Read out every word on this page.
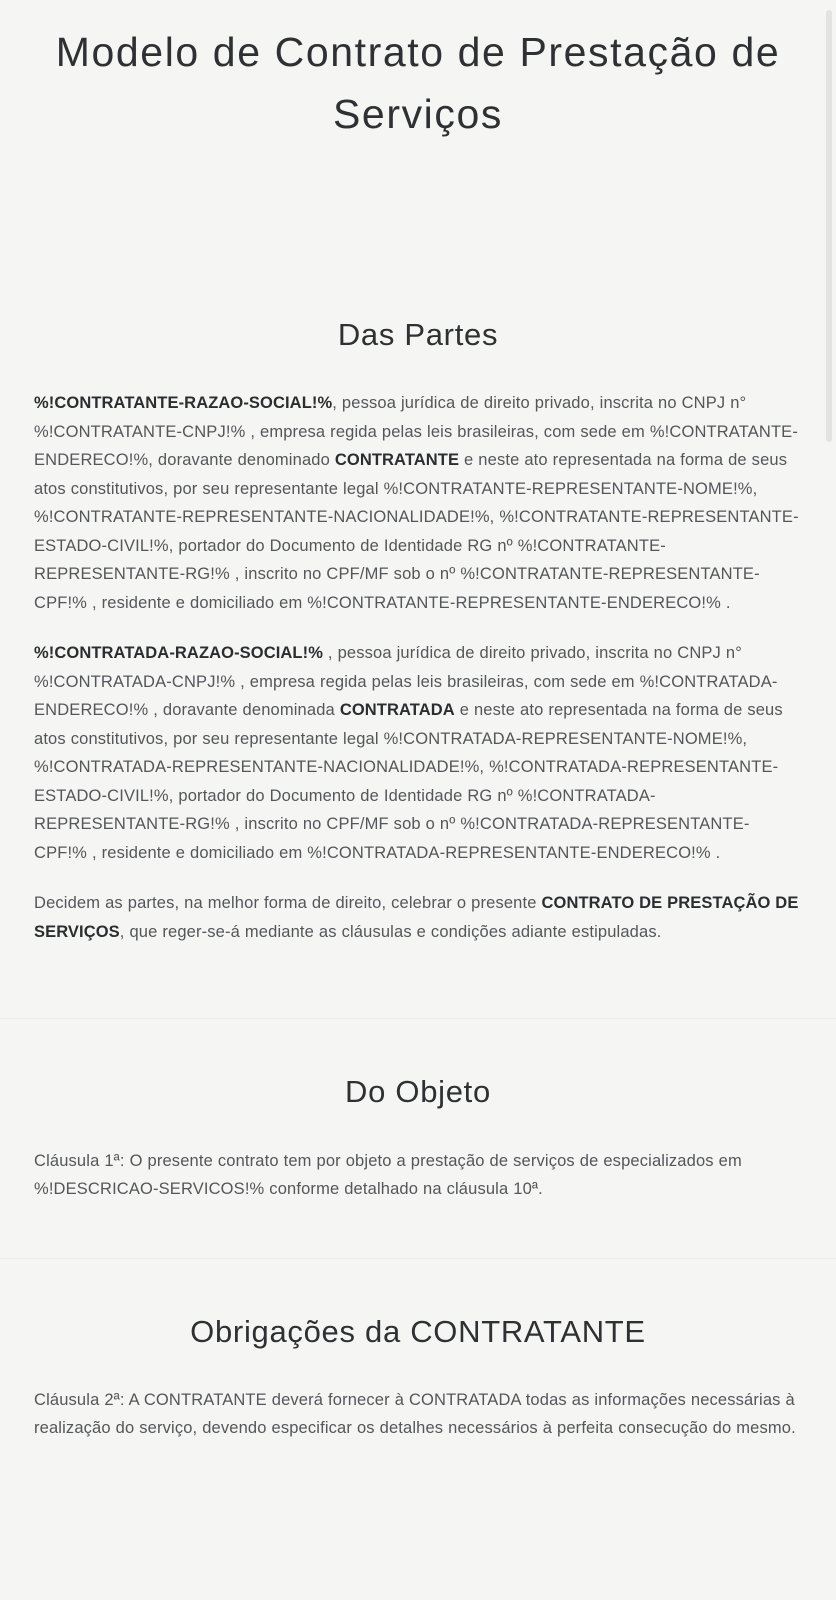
Modelo de Contrato de Prestação de Serviços
Das Partes

%!CONTRATANTE-RAZAO-SOCIAL!%, pessoa jurídica de direito privado, inscrita no CNPJ n° %!CONTRATANTE-CNPJ!% , empresa regida pelas leis brasileiras, com sede em %!CONTRATANTE-ENDERECO!%, doravante denominado CONTRATANTE e neste ato representada na forma de seus atos constitutivos, por seu representante legal %!CONTRATANTE-REPRESENTANTE-NOME!%, %!CONTRATANTE-REPRESENTANTE-NACIONALIDADE!%, %!CONTRATANTE-REPRESENTANTE-ESTADO-CIVIL!%, portador do Documento de Identidade RG nº %!CONTRATANTE-REPRESENTANTE-RG!% , inscrito no CPF/MF sob o nº %!CONTRATANTE-REPRESENTANTE-CPF!% , residente e domiciliado em %!CONTRATANTE-REPRESENTANTE-ENDERECO!% .

%!CONTRATADA-RAZAO-SOCIAL!% , pessoa jurídica de direito privado, inscrita no CNPJ n° %!CONTRATADA-CNPJ!% , empresa regida pelas leis brasileiras, com sede em %!CONTRATADA-ENDERECO!% , doravante denominada CONTRATADA e neste ato representada na forma de seus atos constitutivos, por seu representante legal %!CONTRATADA-REPRESENTANTE-NOME!%, %!CONTRATADA-REPRESENTANTE-NACIONALIDADE!%, %!CONTRATADA-REPRESENTANTE-ESTADO-CIVIL!%, portador do Documento de Identidade RG nº %!CONTRATADA-REPRESENTANTE-RG!% , inscrito no CPF/MF sob o nº %!CONTRATADA-REPRESENTANTE-CPF!% , residente e domiciliado em %!CONTRATADA-REPRESENTANTE-ENDERECO!% .

Decidem as partes, na melhor forma de direito, celebrar o presente CONTRATO DE PRESTAÇÃO DE SERVIÇOS, que reger-se-á mediante as cláusulas e condições adiante estipuladas.

Do Objeto

Cláusula 1ª: O presente contrato tem por objeto a prestação de serviços de especializados em %!DESCRICAO-SERVICOS!% conforme detalhado na cláusula 10ª.

Obrigações da CONTRATANTE

Cláusula 2ª: A CONTRATANTE deverá fornecer à CONTRATADA todas as informações necessárias à realização do serviço, devendo especificar os detalhes necessários à perfeita consecução do mesmo.
